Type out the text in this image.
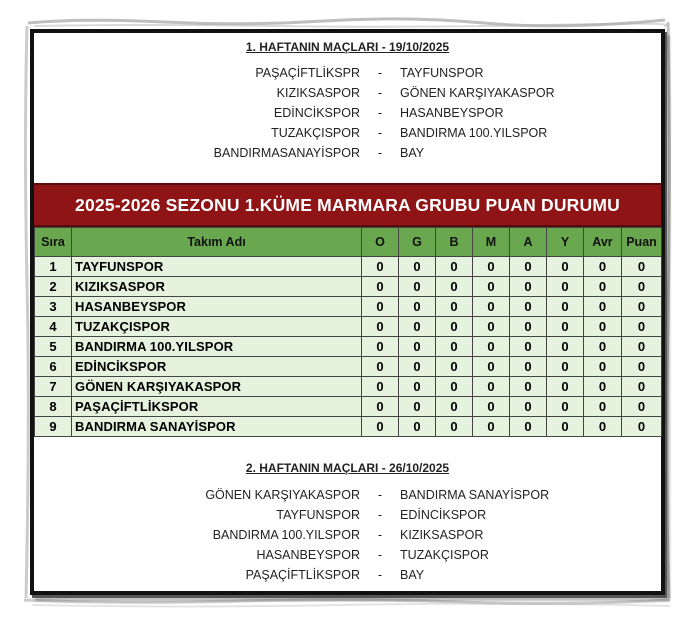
1. HAFTANIN MAÇLARI - 19/10/2025
PAŞAÇİFTLİKSPR	-	TAYFUNSPOR
KIZIKSASPOR	-	GÖNEN KARŞIYAKASPOR
EDİNCİKSPOR	-	HASANBEYSPOR
TUZAKÇISPOR	-	BANDIRMA 100.YILSPOR
BANDIRMASANAYİSPOR	-	BAY
2025-2026 SEZONU 1.KÜME MARMARA GRUBU PUAN DURUMU
Sıra	Takım Adı	O	G	B	M	A	Y	Avr	Puan
1	TAYFUNSPOR	0	0	0	0	0	0	0	0
2	KIZIKSASPOR	0	0	0	0	0	0	0	0
3	HASANBEYSPOR	0	0	0	0	0	0	0	0
4	TUZAKÇISPOR	0	0	0	0	0	0	0	0
5	BANDIRMA 100.YILSPOR	0	0	0	0	0	0	0	0
6	EDİNCİKSPOR	0	0	0	0	0	0	0	0
7	GÖNEN KARŞIYAKASPOR	0	0	0	0	0	0	0	0
8	PAŞAÇİFTLİKSPOR	0	0	0	0	0	0	0	0
9	BANDIRMA SANAYİSPOR	0	0	0	0	0	0	0	0
2. HAFTANIN MAÇLARI - 26/10/2025
GÖNEN KARŞIYAKASPOR	-	BANDIRMA SANAYİSPOR
TAYFUNSPOR	-	EDİNCİKSPOR
BANDIRMA 100.YILSPOR	-	KIZIKSASPOR
HASANBEYSPOR	-	TUZAKÇISPOR
PAŞAÇİFTLİKSPOR	-	BAY
